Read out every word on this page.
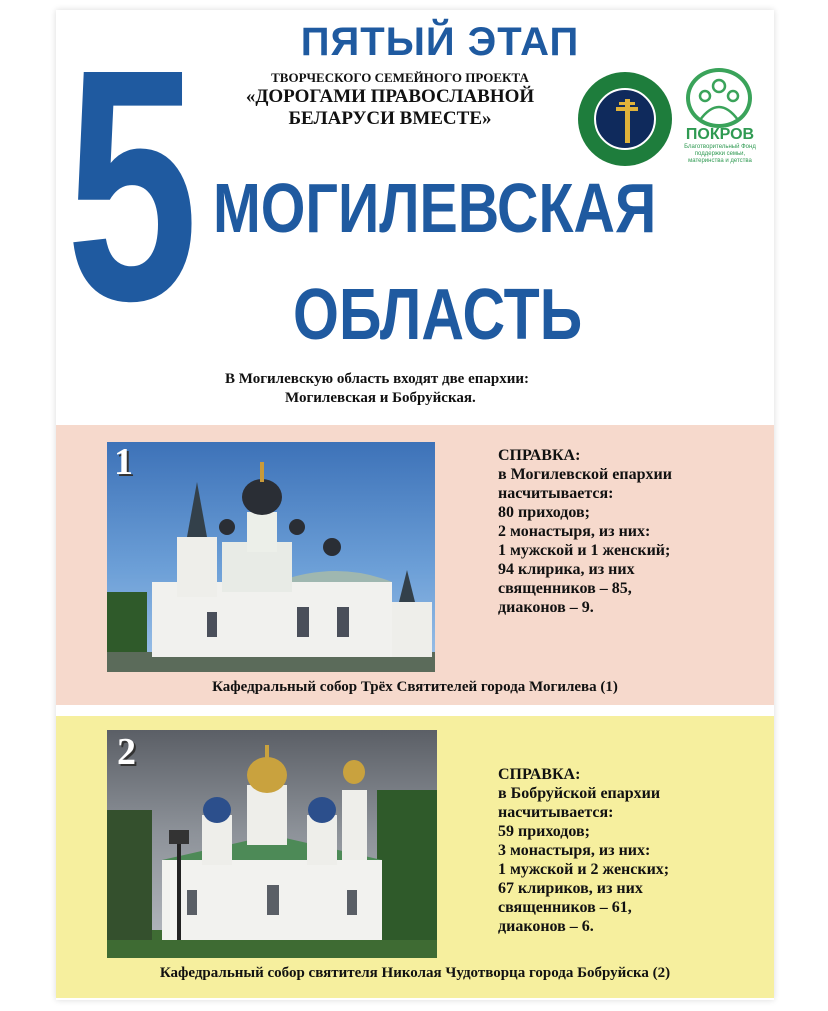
5	ПЯТЫЙ ЭТАП
ТВОРЧЕСКОГО СЕМЕЙНОГО ПРОЕКТА
«ДОРОГАМИ ПРАВОСЛАВНОЙ
БЕЛАРУСИ ВМЕСТЕ»
ПОКРОВ
Благотворительный Фонд
поддержки семьи,
материнства и детства
МОГИЛЕВСКАЯ
ОБЛАСТЬ
В Могилевскую область входят две епархии:
Могилевская и Бобруйская.
1	СПРАВКА:
в Могилевской епархии
насчитывается:
80 приходов;
2 монастыря, из них:
1 мужской и 1 женский;
94 клирика, из них
священников – 85,
диаконов – 9.
Кафедральный собор Трёх Святителей города Могилева (1)
2
СПРАВКА:
в Бобруйской епархии
насчитывается:
59 приходов;
3 монастыря, из них:
1 мужской и 2 женских;
67 клириков, из них
священников – 61,
диаконов – 6.
Кафедральный собор святителя Николая Чудотворца города Бобруйска (2)
